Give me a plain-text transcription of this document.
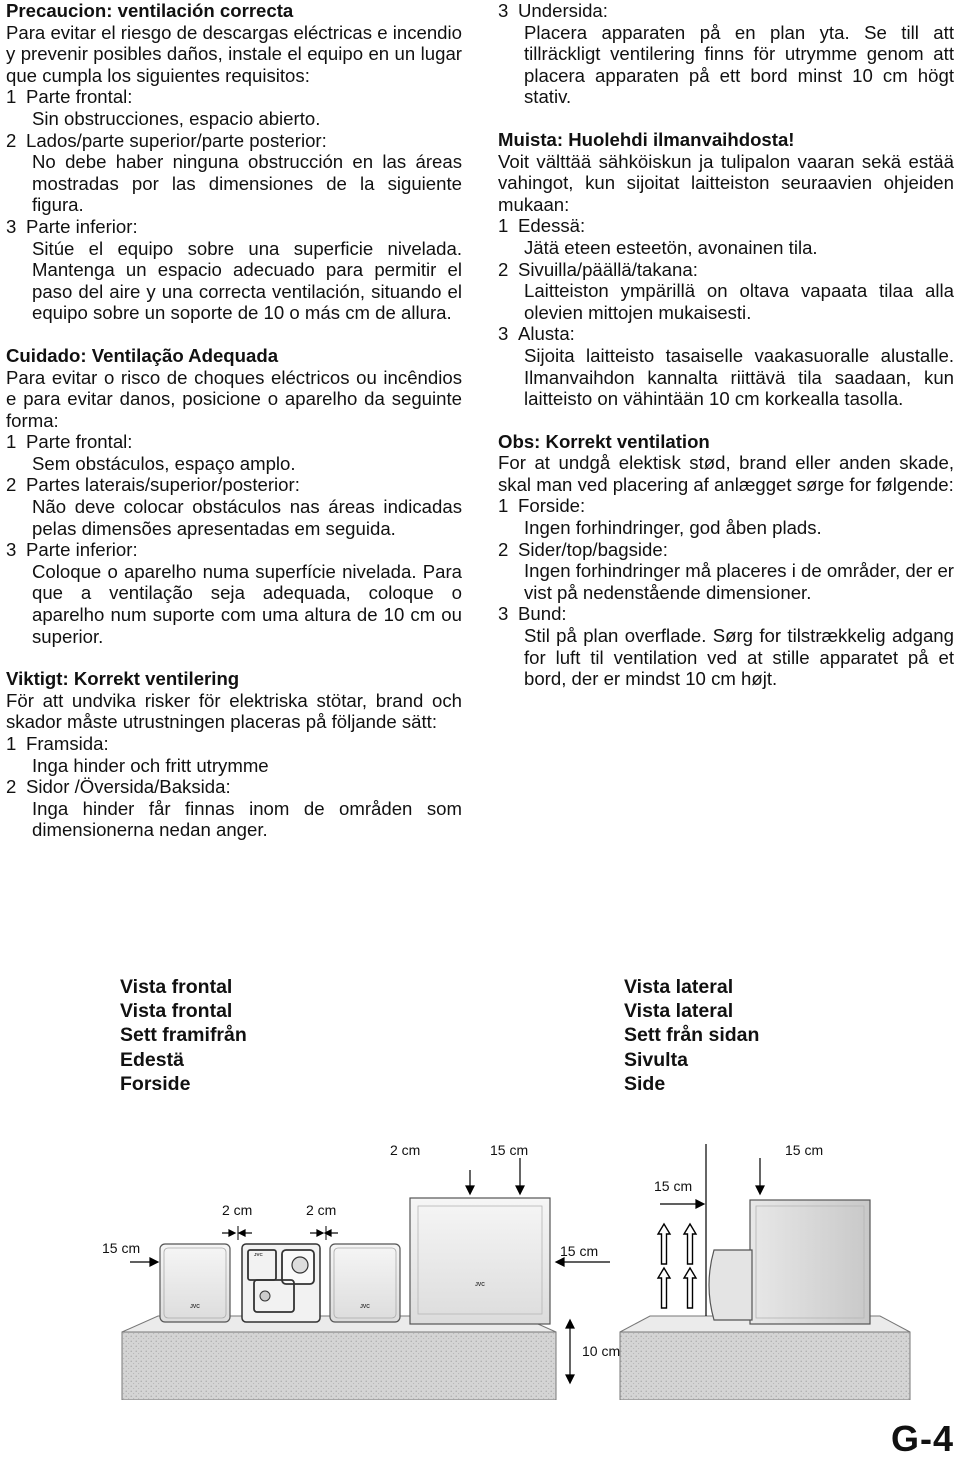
Precaucion: ventilación correcta
Para evitar el riesgo de descargas eléctricas e incendio y prevenir posibles daños, instale el equipo en un lugar que cumpla los siguientes requisitos:
1 Parte frontal:
Sin obstrucciones, espacio abierto.
2 Lados/parte superior/parte posterior:
No debe haber ninguna obstrucción en las áreas mostradas por las dimensiones de la siguiente figura.
3 Parte inferior:
Sitúe el equipo sobre una superficie nivelada. Mantenga un espacio adecuado para permitir el paso del aire y una correcta ventilación, situando el equipo sobre un soporte de 10 o más cm de allura.
Cuidado: Ventilação Adequada
Para evitar o risco de choques eléctricos ou incêndios e para evitar danos, posicione o aparelho da seguinte forma:
1 Parte frontal:
Sem obstáculos, espaço amplo.
2 Partes laterais/superior/posterior:
Não deve colocar obstáculos nas áreas indicadas pelas dimensões apresentadas em seguida.
3 Parte inferior:
Coloque o aparelho numa superfície nivelada. Para que a ventilação seja adequada, coloque o aparelho num suporte com uma altura de 10 cm ou superior.
Viktigt: Korrekt ventilering
För att undvika risker för elektriska stötar, brand och skador måste utrustningen placeras på följande sätt:
1 Framsida:
Inga hinder och fritt utrymme
2 Sidor /Översida/Baksida:
Inga hinder får finnas inom de områden som dimensionerna nedan anger.
3 Undersida:
Placera apparaten på en plan yta. Se till att tillräckligt ventilering finns för utrymme genom att placera apparaten på ett bord minst 10 cm högt stativ.
Muista: Huolehdi ilmanvaihdosta!
Voit välttää sähköiskun ja tulipalon vaaran sekä estää vahingot, kun sijoitat laitteiston seuraavien ohjeiden mukaan:
1 Edessä:
Jätä eteen esteetön, avonainen tila.
2 Sivuilla/päällä/takana:
Laitteiston ympärillä on oltava vapaata tilaa alla olevien mittojen mukaisesti.
3 Alusta:
Sijoita laitteisto tasaiselle vaakasuoralle alustalle. Ilmanvaihdon kannalta riittävä tila saadaan, kun laitteisto on vähintään 10 cm korkealla tasolla.
Obs: Korrekt ventilation
For at undgå elektisk stød, brand eller anden skade, skal man ved placering af anlægget sørge for følgende:
1 Forside:
Ingen forhindringer, god åben plads.
2 Sider/top/bagside:
Ingen forhindringer må placeres i de områder, der er vist på nedenstående dimensioner.
3 Bund:
Stil på plan overflade. Sørg for tilstrækkelig adgang for luft til ventilation ved at stille apparatet på et bord, der er mindst 10 cm højt.
Vista frontal
Vista frontal
Sett framifrån
Edestä
Forside
Vista lateral
Vista lateral
Sett från sidan
Sivulta
Side
JVC
JVC
JVC
JVC
15 cm
2 cm	2 cm
2 cm	15 cm
15 cm
15 cm
15 cm
10 cm
G-4
